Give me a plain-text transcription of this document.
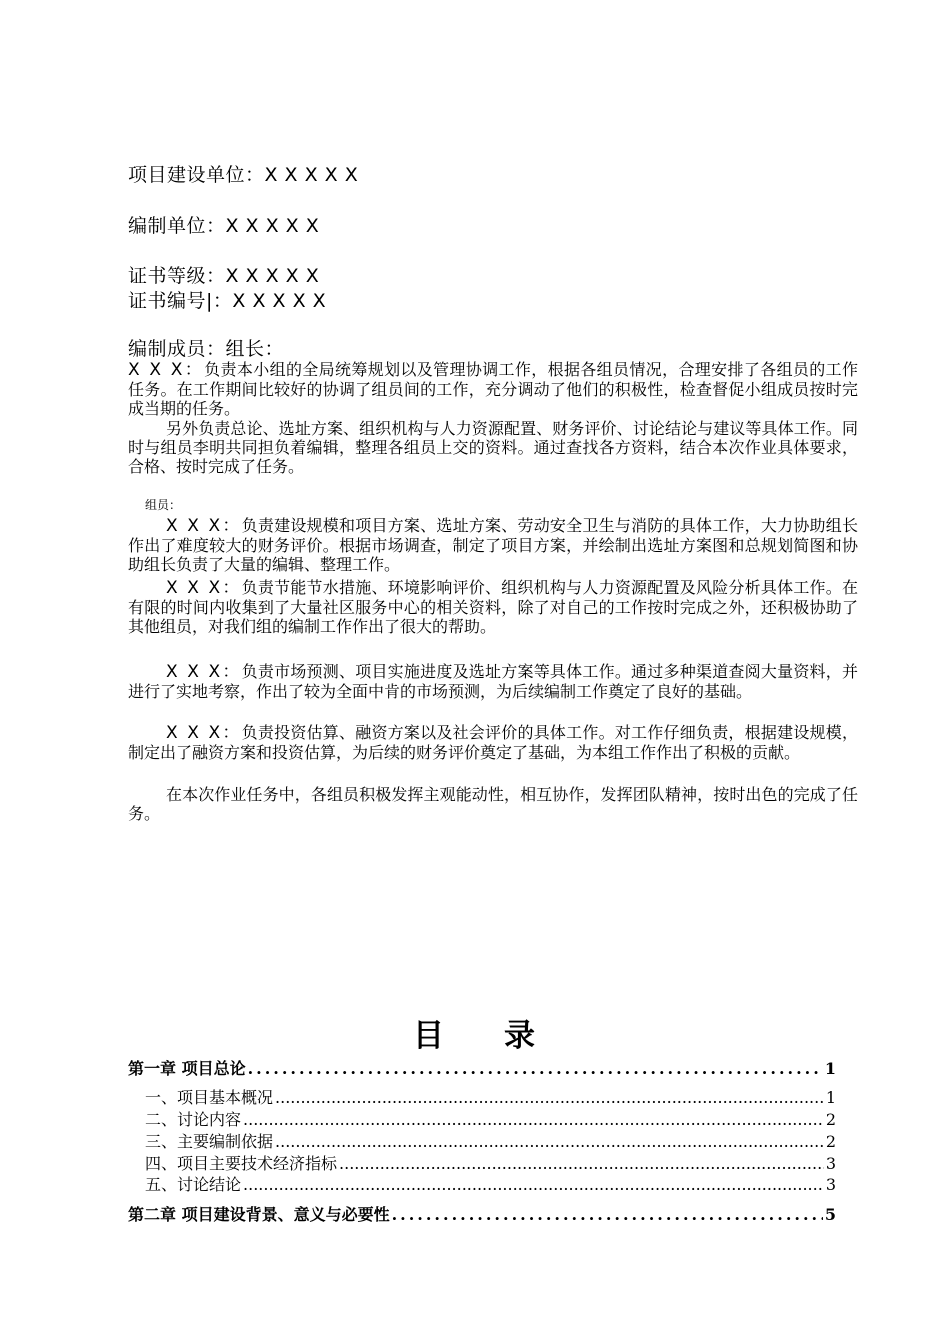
项目建设单位：X X X X X
编制单位：X X X X X
证书等级：X X X X X
证书编号|：X X X X X
编制成员：组长：
X X X：负责本小组的全局统筹规划以及管理协调工作，根据各组员情况，合理安排了各组员的工作任务。在工作期间比较好的协调了组员间的工作，充分调动了他们的积极性，检查督促小组成员按时完成当期的任务。
另外负责总论、选址方案、组织机构与人力资源配置、财务评价、讨论结论与建议等具体工作。同时与组员李明共同担负着编辑，整理各组员上交的资料。通过查找各方资料，结合本次作业具体要求，合格、按时完成了任务。
组员：
X X X：负责建设规模和项目方案、选址方案、劳动安全卫生与消防的具体工作，大力协助组长作出了难度较大的财务评价。根据市场调查，制定了项目方案，并绘制出选址方案图和总规划简图和协助组长负责了大量的编辑、整理工作。
X X X：负责节能节水措施、环境影响评价、组织机构与人力资源配置及风险分析具体工作。在有限的时间内收集到了大量社区服务中心的相关资料，除了对自己的工作按时完成之外，还积极协助了其他组员，对我们组的编制工作作出了很大的帮助。
X X X：负责市场预测、项目实施进度及选址方案等具体工作。通过多种渠道查阅大量资料，并进行了实地考察，作出了较为全面中肯的市场预测，为后续编制工作奠定了良好的基础。
X X X：负责投资估算、融资方案以及社会评价的具体工作。对工作仔细负责，根据建设规模，制定出了融资方案和投资估算，为后续的财务评价奠定了基础，为本组工作作出了积极的贡献。
在本次作业任务中，各组员积极发挥主观能动性，相互协作，发挥团队精神，按时出色的完成了任务。
目 录
第一章 项目总论 .....	1
一、项目基本概况 .....	1
二、讨论内容 .....	2
三、主要编制依据 .....	2
四、项目主要技术经济指标 .....	3
五、讨论结论 .....	3
第二章 项目建设背景、意义与必要性 .....	5
